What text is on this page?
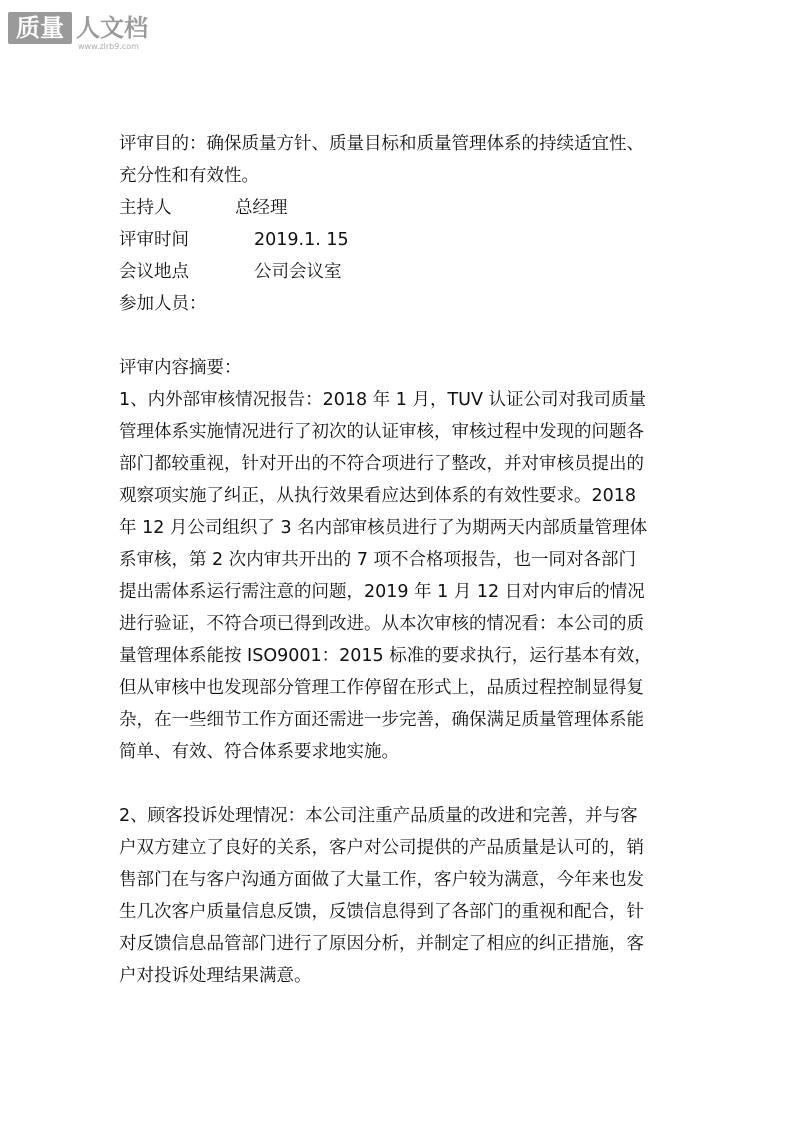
质量 人文档
www.zlrb9.com
评审目的：确保质量方针、质量目标和质量管理体系的持续适宜性、
充分性和有效性。
主持人	总经理
评审时间	2019.1. 15
会议地点	公司会议室
参加人员：
评审内容摘要：
1、内外部审核情况报告：2018 年 1 月，TUV 认证公司对我司质量
管理体系实施情况进行了初次的认证审核，审核过程中发现的问题各
部门都较重视，针对开出的不符合项进行了整改，并对审核员提出的
观察项实施了纠正，从执行效果看应达到体系的有效性要求。2018
年 12 月公司组织了 3 名内部审核员进行了为期两天内部质量管理体
系审核，第 2 次内审共开出的 7 项不合格项报告，也一同对各部门
提出需体系运行需注意的问题，2019 年 1 月 12 日对内审后的情况
进行验证，不符合项已得到改进。从本次审核的情况看：本公司的质
量管理体系能按 ISO9001：2015 标准的要求执行，运行基本有效，
但从审核中也发现部分管理工作停留在形式上，品质过程控制显得复
杂，在一些细节工作方面还需进一步完善，确保满足质量管理体系能
简单、有效、符合体系要求地实施。
2、顾客投诉处理情况：本公司注重产品质量的改进和完善，并与客
户双方建立了良好的关系，客户对公司提供的产品质量是认可的，销
售部门在与客户沟通方面做了大量工作，客户较为满意，今年来也发
生几次客户质量信息反馈，反馈信息得到了各部门的重视和配合，针
对反馈信息品管部门进行了原因分析，并制定了相应的纠正措施，客
户对投诉处理结果满意。
